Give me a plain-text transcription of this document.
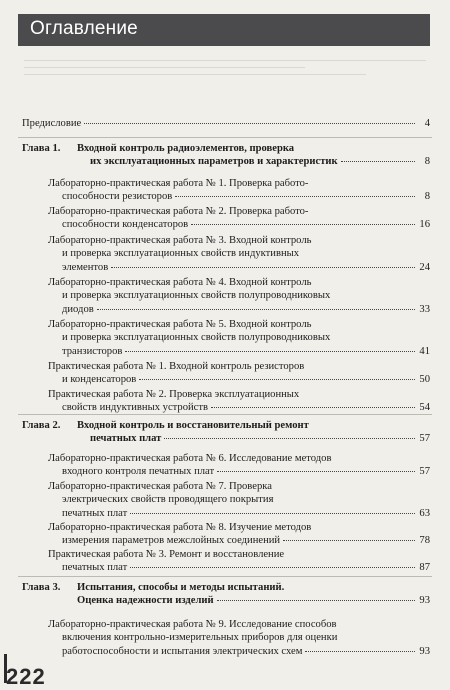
Оглавление
Предисловие	4
Глава 1. Входной контроль радиоэлементов, проверка
их эксплуатационных параметров и характеристик	8
Лабораторно-практическая работа № 1. Проверка работо-
способности резисторов	8
Лабораторно-практическая работа № 2. Проверка работо-
способности конденсаторов	16
Лабораторно-практическая работа № 3. Входной контроль
и проверка эксплуатационных свойств индуктивных
элементов	24
Лабораторно-практическая работа № 4. Входной контроль
и проверка эксплуатационных свойств полупроводниковых
диодов	33
Лабораторно-практическая работа № 5. Входной контроль
и проверка эксплуатационных свойств полупроводниковых
транзисторов	41
Практическая работа № 1. Входной контроль резисторов
и конденсаторов	50
Практическая работа № 2. Проверка эксплуатационных
свойств индуктивных устройств	54
Глава 2. Входной контроль и восстановительный ремонт
печатных плат	57
Лабораторно-практическая работа № 6. Исследование методов
входного контроля печатных плат	57
Лабораторно-практическая работа № 7. Проверка
электрических свойств проводящего покрытия
печатных плат	63
Лабораторно-практическая работа № 8. Изучение методов
измерения параметров межслойных соединений	78
Практическая работа № 3. Ремонт и восстановление
печатных плат	87
Глава 3. Испытания, способы и методы испытаний.
Оценка надежности изделий	93
Лабораторно-практическая работа № 9. Исследование способов
включения контрольно-измерительных приборов для оценки
работоспособности и испытания электрических схем	93
222
